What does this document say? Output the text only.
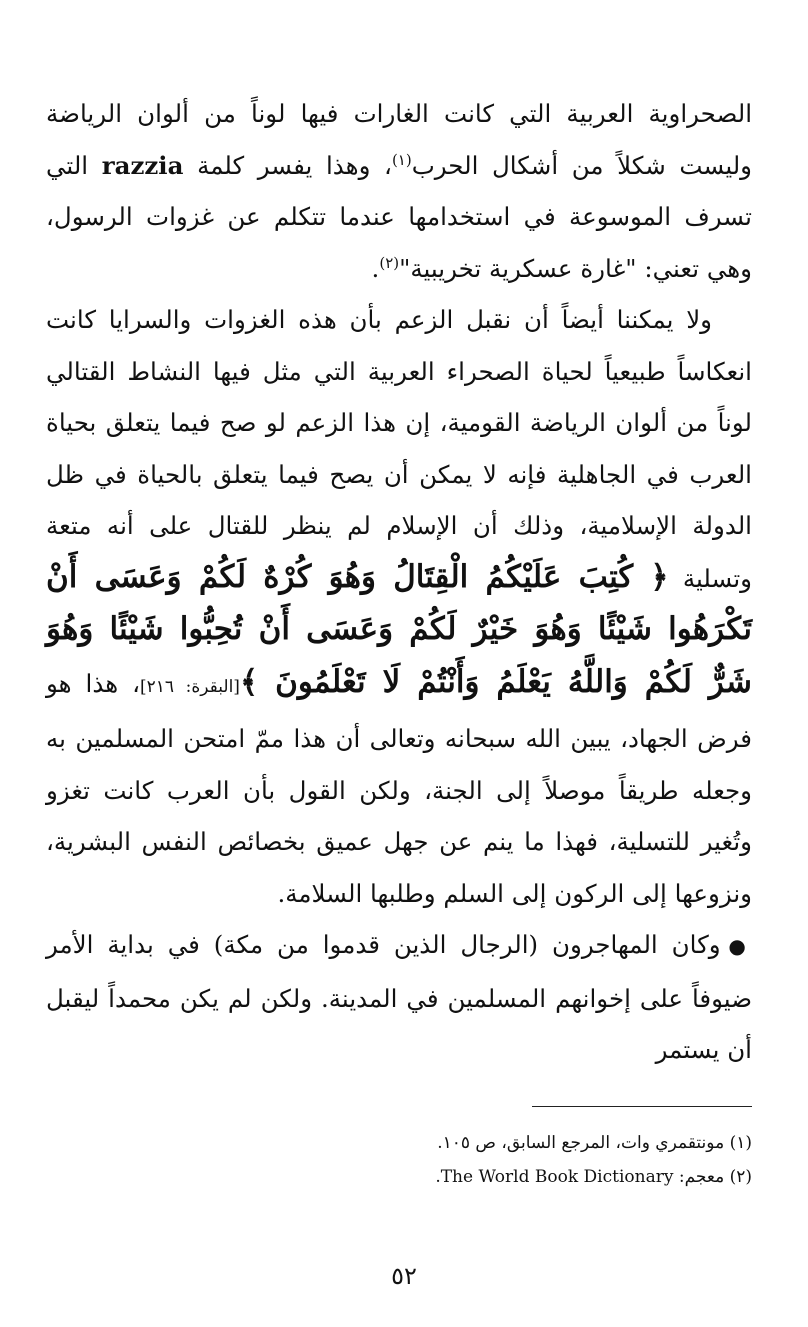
الصحراوية العربية التي كانت الغارات فيها لوناً من ألوان الرياضة وليست شكلاً من أشكال الحرب$^{(١)}$، وهذا يفسر كلمة razzia التي تسرف الموسوعة في استخدامها عندما تتكلم عن غزوات الرسول، وهي تعني: "غارة عسكرية تخريبية"$^{(٢)}$.

ولا يمكننا أيضاً أن نقبل الزعم بأن هذه الغزوات والسرايا كانت انعكاساً طبيعياً لحياة الصحراء العربية التي مثل فيها النشاط القتالي لوناً من ألوان الرياضة القومية، إن هذا الزعم لو صح فيما يتعلق بحياة العرب في الجاهلية فإنه لا يمكن أن يصح فيما يتعلق بالحياة في ظل الدولة الإسلامية، وذلك أن الإسلام لم ينظر للقتال على أنه متعة وتسلية ﴿ كُتِبَ عَلَيْكُمُ الْقِتَالُ وَهُوَ كُرْهٌ لَكُمْ وَعَسَى أَنْ تَكْرَهُوا شَيْئًا وَهُوَ خَيْرٌ لَكُمْ وَعَسَى أَنْ تُحِبُّوا شَيْئًا وَهُوَ شَرٌّ لَكُمْ وَاللَّهُ يَعْلَمُ وَأَنْتُمْ لَا تَعْلَمُونَ ﴾[البقرة: ٢١٦]، هذا هو فرض الجهاد، يبين الله سبحانه وتعالى أن هذا ممّ امتحن المسلمين به وجعله طريقاً موصلاً إلى الجنة، ولكن القول بأن العرب كانت تغزو وتُغير للتسلية، فهذا ما ينم عن جهل عميق بخصائص النفس البشرية، ونزوعها إلى الركون إلى السلم وطلبها السلامة.

● وكان المهاجرون (الرجال الذين قدموا من مكة) في بداية الأمر ضيوفاً على إخوانهم المسلمين في المدينة. ولكن لم يكن محمداً ليقبل أن يستمر

(١) مونتقمري وات، المرجع السابق، ص ١٠٥.

(٢) معجم: The World Book Dictionary.

٥٢
